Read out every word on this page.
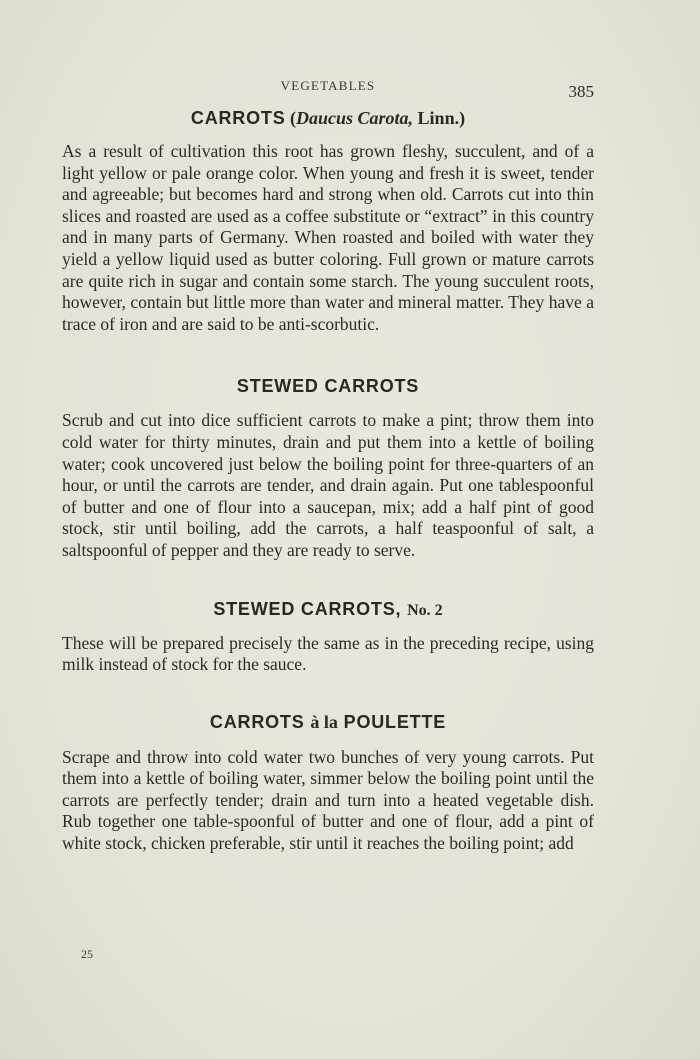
VEGETABLES	385
CARROTS (Daucus Carota, Linn.)

As a result of cultivation this root has grown fleshy, succulent, and of a light yellow or pale orange color. When young and fresh it is sweet, tender and agreeable; but becomes hard and strong when old. Carrots cut into thin slices and roasted are used as a coffee substitute or “extract” in this country and in many parts of Germany. When roasted and boiled with water they yield a yellow liquid used as butter coloring. Full grown or mature carrots are quite rich in sugar and contain some starch. The young succulent roots, however, contain but little more than water and mineral matter. They have a trace of iron and are said to be anti-scorbutic.

STEWED CARROTS

Scrub and cut into dice sufficient carrots to make a pint; throw them into cold water for thirty minutes, drain and put them into a kettle of boiling water; cook uncovered just below the boiling point for three-quarters of an hour, or until the carrots are tender, and drain again. Put one tablespoonful of butter and one of flour into a saucepan, mix; add a half pint of good stock, stir until boiling, add the carrots, a half teaspoonful of salt, a saltspoonful of pepper and they are ready to serve.

STEWED CARROTS, No. 2

These will be prepared precisely the same as in the preceding recipe, using milk instead of stock for the sauce.

CARROTS à la POULETTE

Scrape and throw into cold water two bunches of very young carrots. Put them into a kettle of boiling water, simmer below the boiling point until the carrots are perfectly tender; drain and turn into a heated vegetable dish. Rub together one table-spoonful of butter and one of flour, add a pint of white stock, chicken preferable, stir until it reaches the boiling point; add

25
